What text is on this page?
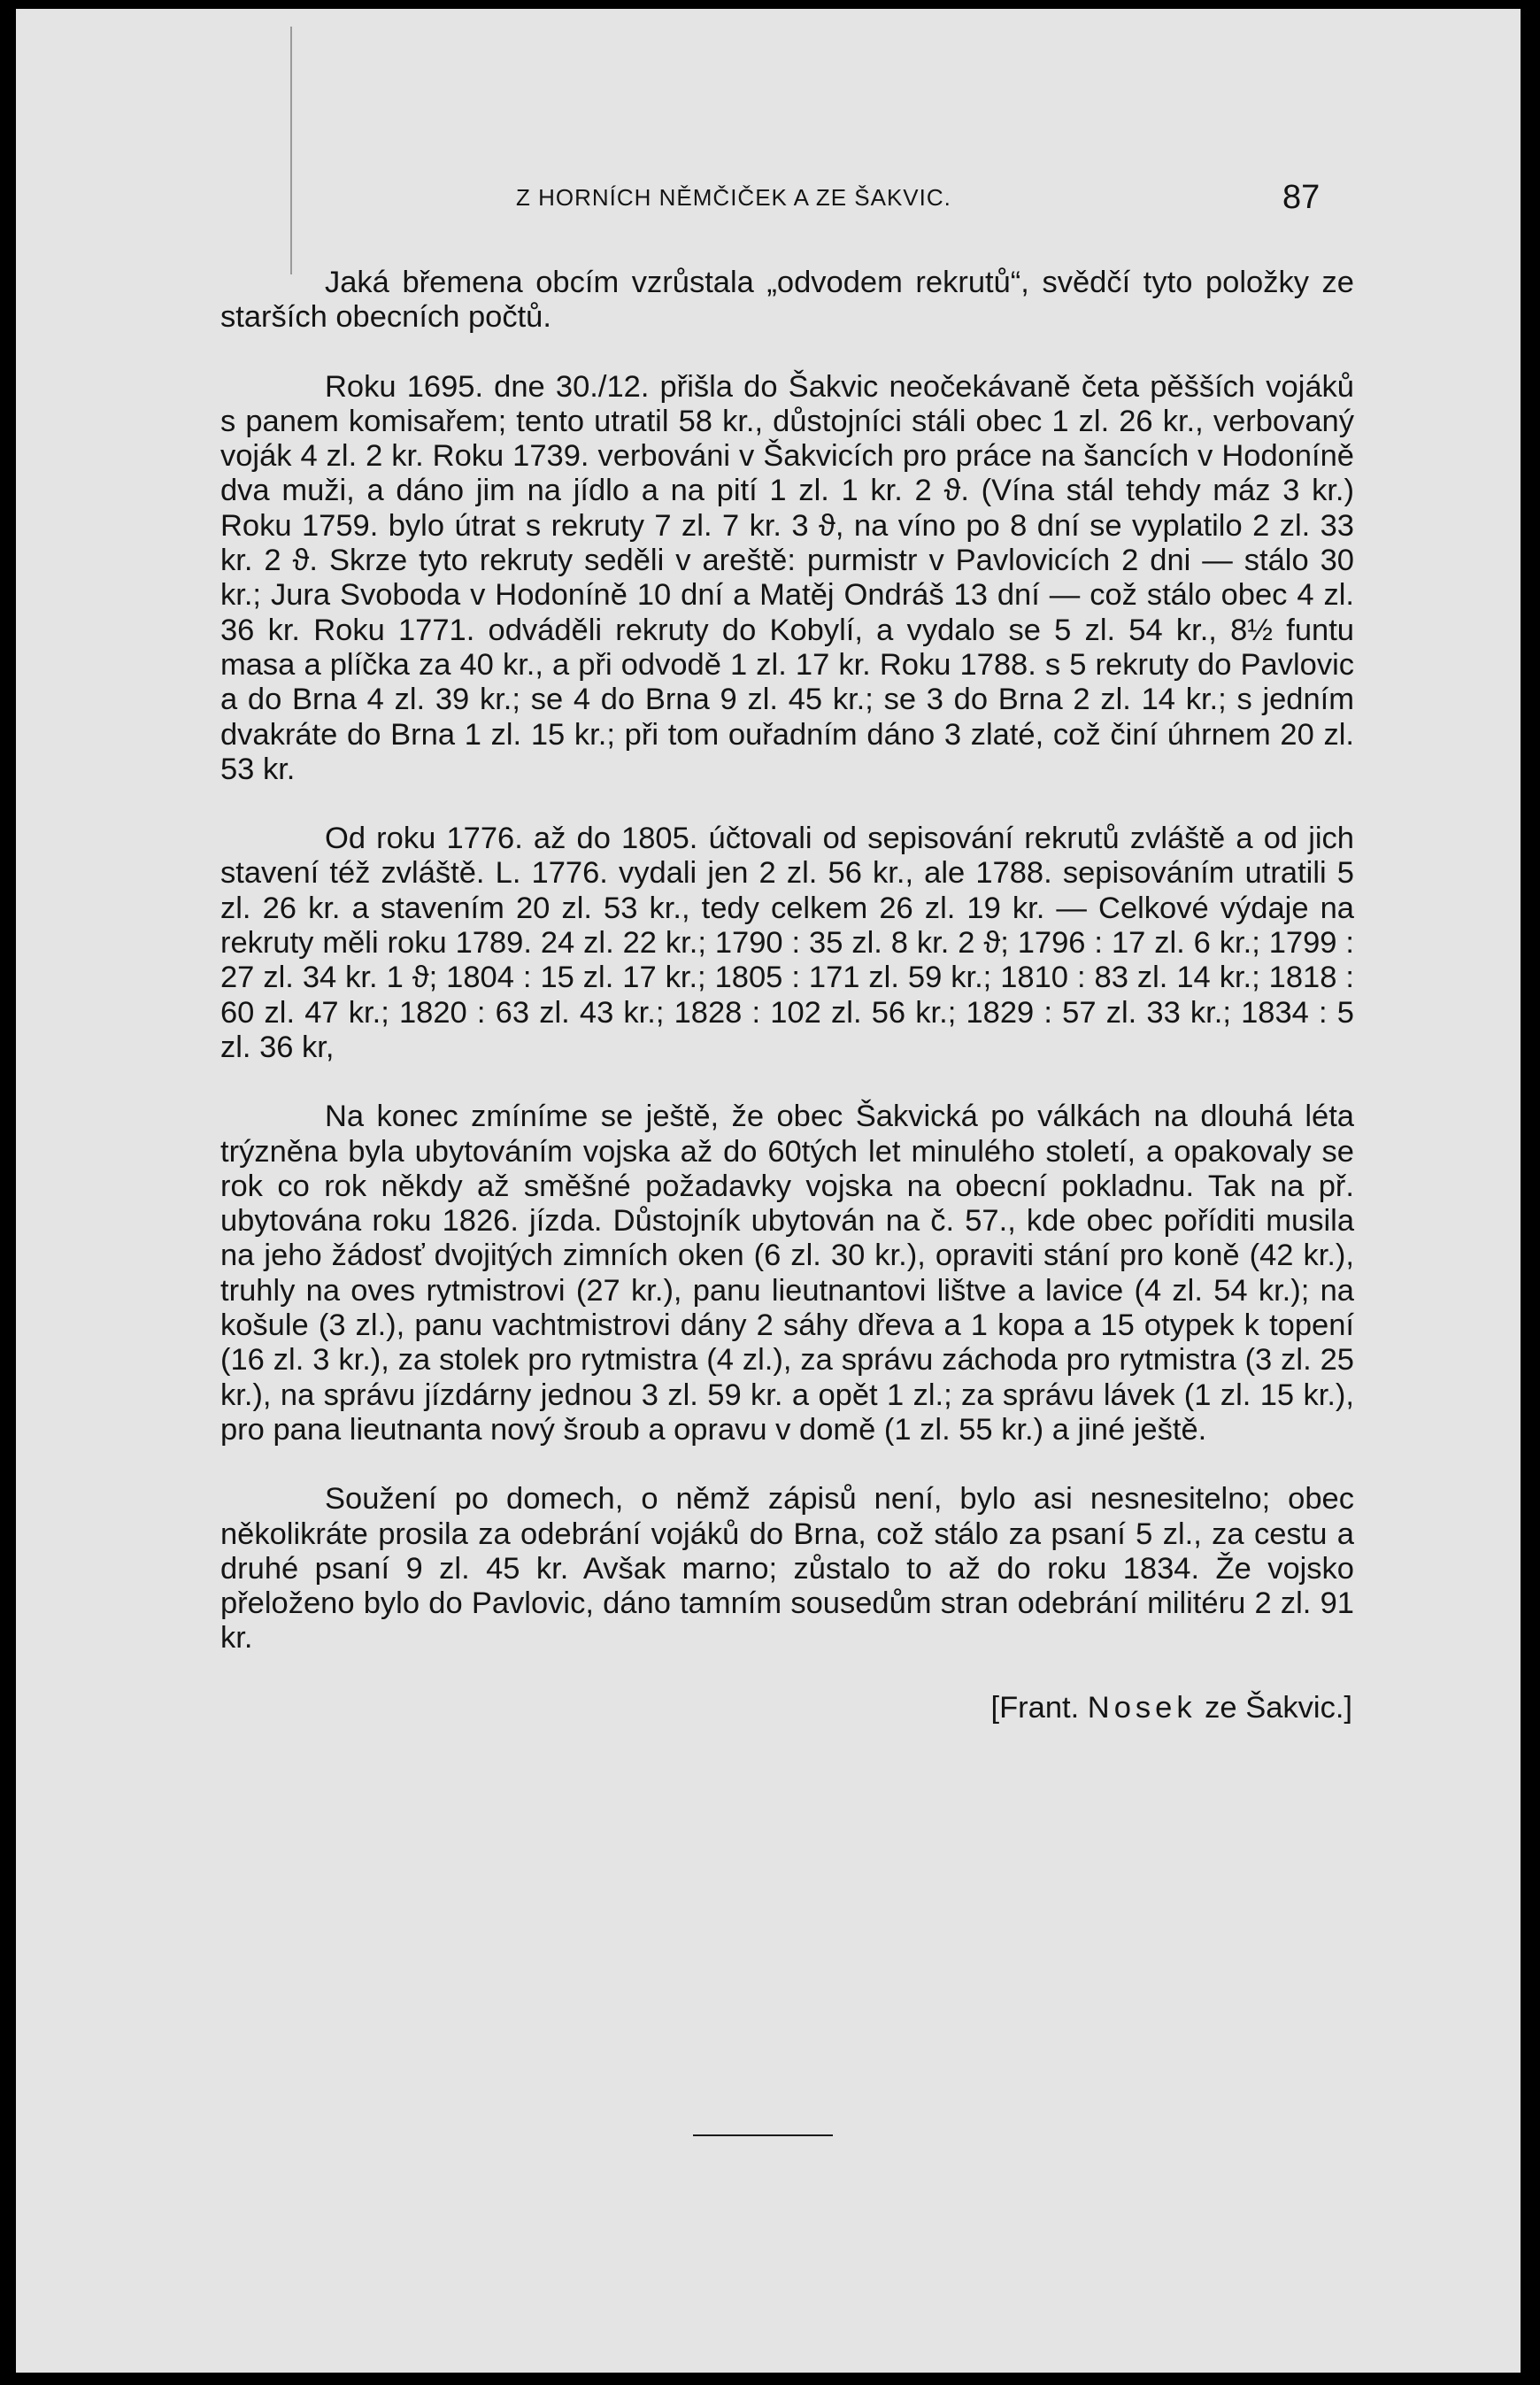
Z HORNÍCH NĚMČIČEK A ZE ŠAKVIC.	87

Jaká břemena obcím vzrůstala „odvodem rekrutů“, svědčí tyto položky ze starších obecních počtů.

Roku 1695. dne 30./12. přišla do Šakvic neočekávaně četa pěšších vojáků s panem komisařem; tento utratil 58 kr., důstojníci stáli obec 1 zl. 26 kr., verbovaný voják 4 zl. 2 kr. Roku 1739. verbováni v Šakvicích pro práce na šancích v Hodoníně dva muži, a dáno jim na jídlo a na pití 1 zl. 1 kr. 2 ϑ. (Vína stál tehdy máz 3 kr.) Roku 1759. bylo útrat s rekruty 7 zl. 7 kr. 3 ϑ, na víno po 8 dní se vyplatilo 2 zl. 33 kr. 2 ϑ. Skrze tyto rekruty seděli v areště: purmistr v Pavlovicích 2 dni — stálo 30 kr.; Jura Svoboda v Hodoníně 10 dní a Matěj Ondráš 13 dní — což stálo obec 4 zl. 36 kr. Roku 1771. odváděli rekruty do Kobylí, a vydalo se 5 zl. 54 kr., 8½ funtu masa a plíčka za 40 kr., a při odvodě 1 zl. 17 kr. Roku 1788. s 5 rekruty do Pavlovic a do Brna 4 zl. 39 kr.; se 4 do Brna 9 zl. 45 kr.; se 3 do Brna 2 zl. 14 kr.; s jedním dvakráte do Brna 1 zl. 15 kr.; při tom ouřadním dáno 3 zlaté, což činí úhrnem 20 zl. 53 kr.

Od roku 1776. až do 1805. účtovali od sepisování rekrutů zvláště a od jich stavení též zvláště. L. 1776. vydali jen 2 zl. 56 kr., ale 1788. sepisováním utratili 5 zl. 26 kr. a stavením 20 zl. 53 kr., tedy celkem 26 zl. 19 kr. — Celkové výdaje na rekruty měli roku 1789. 24 zl. 22 kr.; 1790 : 35 zl. 8 kr. 2 ϑ; 1796 : 17 zl. 6 kr.; 1799 : 27 zl. 34 kr. 1 ϑ; 1804 : 15 zl. 17 kr.; 1805 : 171 zl. 59 kr.; 1810 : 83 zl. 14 kr.; 1818 : 60 zl. 47 kr.; 1820 : 63 zl. 43 kr.; 1828 : 102 zl. 56 kr.; 1829 : 57 zl. 33 kr.; 1834 : 5 zl. 36 kr,

Na konec zmíníme se ještě, že obec Šakvická po válkách na dlouhá léta trýzněna byla ubytováním vojska až do 60tých let minulého století, a opakovaly se rok co rok někdy až směšné požadavky vojska na obecní pokladnu. Tak na př. ubytována roku 1826. jízda. Důstojník ubytován na č. 57., kde obec poříditi musila na jeho žádosť dvojitých zimních oken (6 zl. 30 kr.), opraviti stání pro koně (42 kr.), truhly na oves rytmistrovi (27 kr.), panu lieutnantovi lištve a lavice (4 zl. 54 kr.); na košule (3 zl.), panu vachtmistrovi dány 2 sáhy dřeva a 1 kopa a 15 otypek k topení (16 zl. 3 kr.), za stolek pro rytmistra (4 zl.), za správu záchoda pro rytmistra (3 zl. 25 kr.), na správu jízdárny jednou 3 zl. 59 kr. a opět 1 zl.; za správu lávek (1 zl. 15 kr.), pro pana lieutnanta nový šroub a opravu v domě (1 zl. 55 kr.) a jiné ještě.

Soužení po domech, o němž zápisů není, bylo asi nesnesitelno; obec několikráte prosila za odebrání vojáků do Brna, což stálo za psaní 5 zl., za cestu a druhé psaní 9 zl. 45 kr. Avšak marno; zůstalo to až do roku 1834. Že vojsko přeloženo bylo do Pavlovic, dáno tamním sousedům stran odebrání militéru 2 zl. 91 kr.

[Frant. Nosek ze Šakvic.]
